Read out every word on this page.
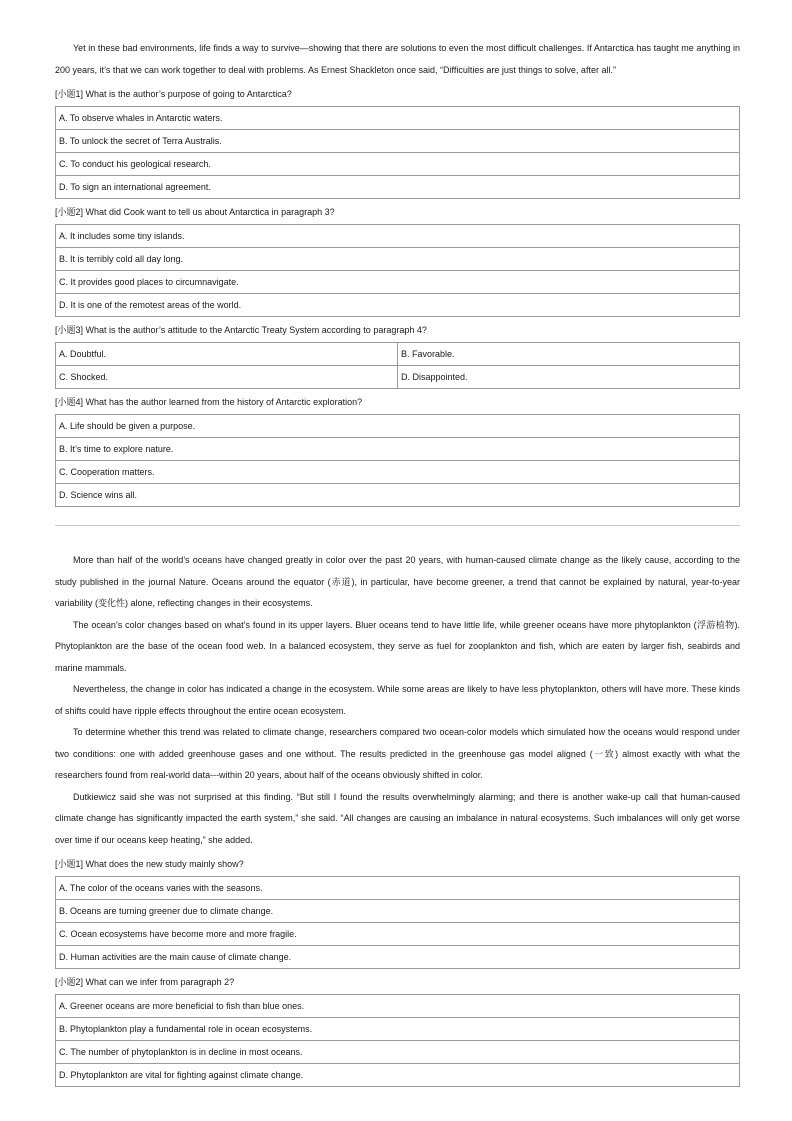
Yet in these bad environments, life finds a way to survive—showing that there are solutions to even the most difficult challenges. If Antarctica has taught me anything in 200 years, it’s that we can work together to deal with problems. As Ernest Shackleton once said, “Difficulties are just things to solve, after all.”

[小题1] What is the author’s purpose of going to Antarctica?

A. To observe whales in Antarctic waters.
B. To unlock the secret of Terra Australis.
C. To conduct his geological research.
D. To sign an international agreement.

[小题2] What did Cook want to tell us about Antarctica in paragraph 3?

A. It includes some tiny islands.
B. It is terribly cold all day long.
C. It provides good places to circumnavigate.
D. It is one of the remotest areas of the world.

[小题3] What is the author’s attitude to the Antarctic Treaty System according to paragraph 4?

A. Doubtful.	B. Favorable.
C. Shocked.	D. Disappointed.

[小题4] What has the author learned from the history of Antarctic exploration?

A. Life should be given a purpose.
B. It’s time to explore nature.
C. Cooperation matters.
D. Science wins all.

More than half of the world’s oceans have changed greatly in color over the past 20 years, with human-caused climate change as the likely cause, according to the study published in the journal Nature. Oceans around the equator (赤道), in particular, have become greener, a trend that cannot be explained by natural, year-to-year variability (变化性) alone, reflecting changes in their ecosystems.

The ocean’s color changes based on what’s found in its upper layers. Bluer oceans tend to have little life, while greener oceans have more phytoplankton (浮游植物). Phytoplankton are the base of the ocean food web. In a balanced ecosystem, they serve as fuel for zooplankton and fish, which are eaten by larger fish, seabirds and marine mammals.

Nevertheless, the change in color has indicated a change in the ecosystem. While some areas are likely to have less phytoplankton, others will have more. These kinds of shifts could have ripple effects throughout the entire ocean ecosystem.

To determine whether this trend was related to climate change, researchers compared two ocean-color models which simulated how the oceans would respond under two conditions: one with added greenhouse gases and one without. The results predicted in the greenhouse gas model aligned (一致) almost exactly with what the researchers found from real-world data---within 20 years, about half of the oceans obviously shifted in color.

Dutkiewicz said she was not surprised at this finding. “But still I found the results overwhelmingly alarming; and there is another wake-up call that human-caused climate change has significantly impacted the earth system,” she said. “All changes are causing an imbalance in natural ecosystems. Such imbalances will only get worse over time if our oceans keep heating,” she added.

[小题1] What does the new study mainly show?

A. The color of the oceans varies with the seasons.
B. Oceans are turning greener due to climate change.
C. Ocean ecosystems have become more and more fragile.
D. Human activities are the main cause of climate change.

[小题2] What can we infer from paragraph 2?

A. Greener oceans are more beneficial to fish than blue ones.
B. Phytoplankton play a fundamental role in ocean ecosystems.
C. The number of phytoplankton is in decline in most oceans.
D. Phytoplankton are vital for fighting against climate change.
